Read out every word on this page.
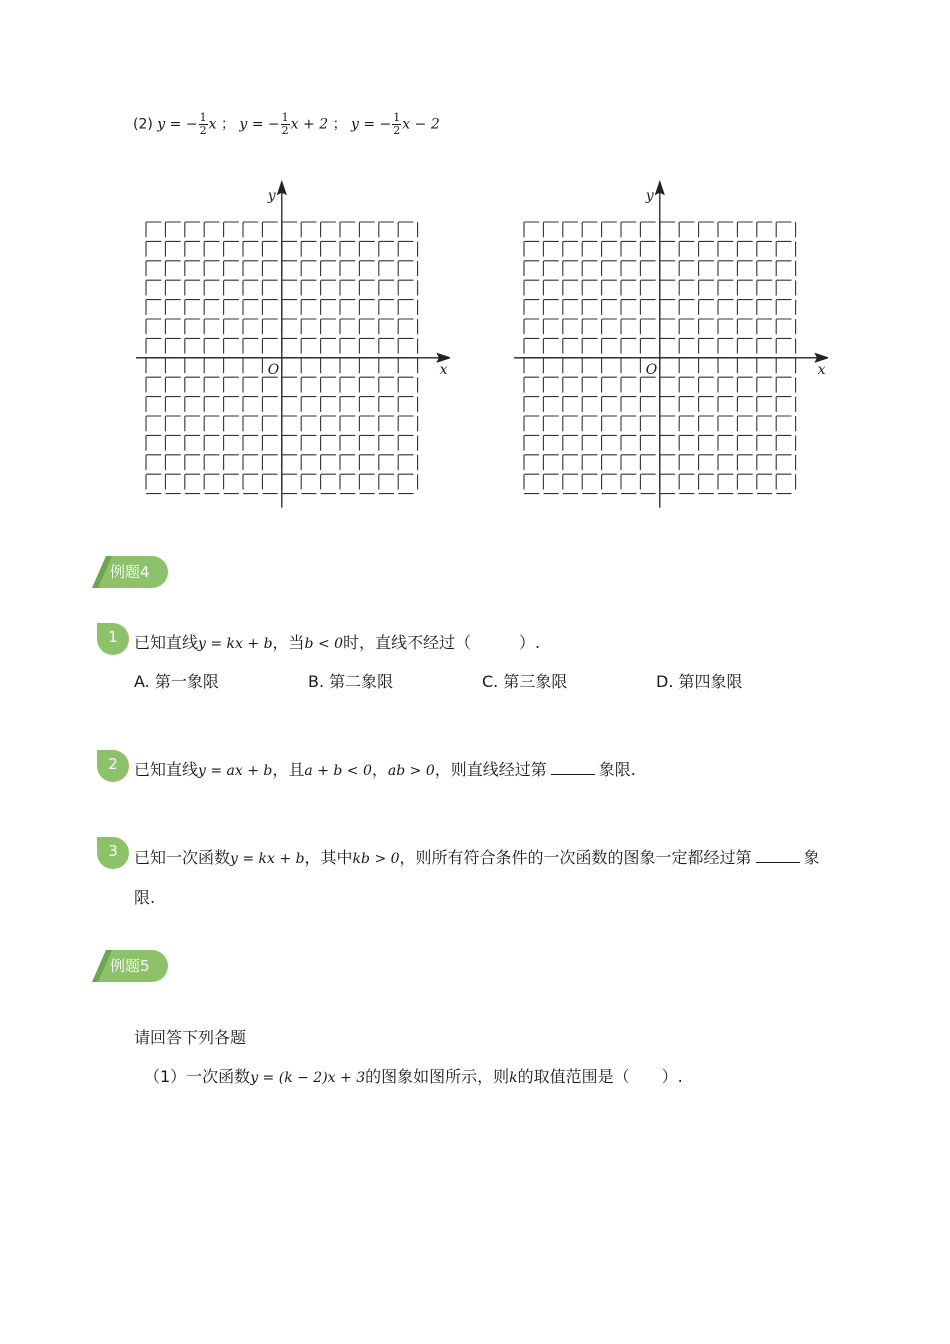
(2) y = − $\frac{1}{2}$ x ； y = − $\frac{1}{2}$ x + 2 ； y = − $\frac{1}{2}$ x − 2
x
y
O	x
y
O
例题4
1	已知直线y = kx + b，当b < 0时，直线不经过（　　　）.
A. 第一象限	B. 第二象限	C. 第三象限	D. 第四象限
2	已知直线y = ax + b，且a + b < 0，ab > 0，则直线经过第	象限.
3	已知一次函数y = kx + b，其中kb > 0，则所有符合条件的一次函数的图象一定都经过第	象
限.
例题5
请回答下列各题
（1）一次函数y = (k − 2)x + 3的图象如图所示，则k的取值范围是（　　）.
